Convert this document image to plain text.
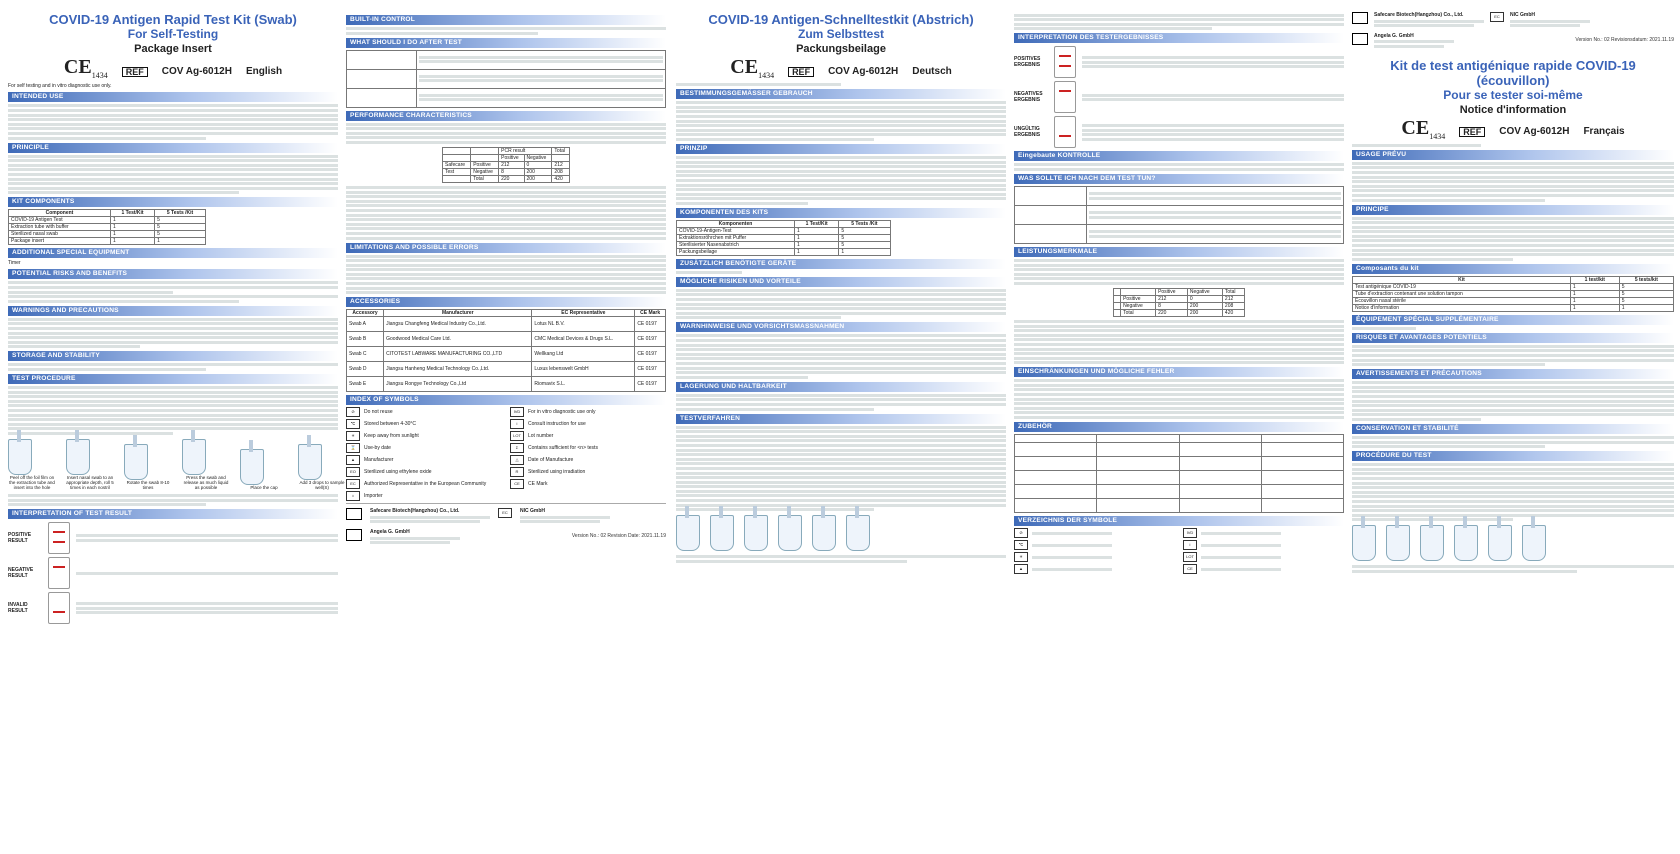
COVID-19 Antigen Rapid Test Kit (Swab)

For Self-Testing

Package Insert

$CE_{1434}$	REF	COV Ag-6012H English
For self testing and in vitro diagnostic use only.
INTENDED USE
PRINCIPLE
KIT COMPONENTS
Component	1 Test/Kit	5 Tests /Kit
COVID-19 Antigen Test	1	5
Extraction tube with buffer	1	5
Sterilized nasal swab	1	5
Package insert	1	1
ADDITIONAL SPECIAL EQUIPMENT
Timer
POTENTIAL RISKS AND BENEFITS
WARNINGS AND PRECAUTIONS
STORAGE AND STABILITY
TEST PROCEDURE
Peel off the foil film on the extraction tube and insert into the hole
Insert nasal swab to an appropriate depth, roll 5 times in each nostril
Rotate the swab 8-10 times
Press the swab and release as much liquid as possible	Place the cap
Add 3 drops to sample well(S)
INTERPRETATION OF TEST RESULT
POSITIVE RESULT
NEGATIVE RESULT
INVALID RESULT
BUILT-IN CONTROL
WHAT SHOULD I DO AFTER TEST

PERFORMANCE CHARACTERISTICS
		PCR result		Total
		Positive	Negative	
Safecare	Positive	212	0	212
Test	Negative	8	200	208
	Total	220	200	420
LIMITATIONS AND POSSIBLE ERRORS
ACCESSORIES
Accessory	Manufacturer	EC Representative	CE Mark
Swab A	Jiangsu Changfeng Medical Industry Co.,Ltd.	Lotus NL B.V.	CE 0197
Swab B	Goodwood Medical Care Ltd.	CMC Medical Devices & Drugs S.L.	CE 0197
Swab C	CITOTEST LABWARE MANUFACTURING CO.,LTD	Wellkang Ltd	CE 0197
Swab D	Jiangsu Hanheng Medical Technology Co.,Ltd.	Luxus lebenswelt GmbH	CE 0197
Swab E	Jiangsu Rongye Technology Co.,Ltd	Riomavix S.L.	CE 0197
INDEX OF SYMBOLS
⊘	Do not reuse	IVD	For in vitro diagnostic use only
℃	Stored between 4-30°C	i	Consult instruction for use
☀	Keep away from sunlight	LOT	Lot number
⌛	Use-by date	Σ	Contains sufficient for <n> tests
▲	Manufacturer	△	Date of Manufacture
EO	Sterilized using ethylene oxide	R	Sterilized using irradiation
EC	Authorized Representative in the European Community	CE	CE Mark
⌂	Importer
Safecare Biotech(Hangzhou) Co., Ltd.	EC	NIC GmbH
Angela G. GmbH
Version No.: 02 Revision Date: 2021.11.19

COVID-19 Antigen-Schnelltestkit (Abstrich)

Zum Selbsttest

Packungsbeilage

$CE_{1434}$	REF	COV Ag-6012H Deutsch
BESTIMMUNGSGEMÄSSER GEBRAUCH
PRINZIP
KOMPONENTEN DES KITS
Komponenten	1 Test/Kit	5 Tests /Kit
COVID-19-Antigen-Test	1	5
Extraktionsröhrchen mit Puffer	1	5
Sterilisierter Nasenabstrich	1	5
Packungsbeilage	1	1
ZUSÄTZLICH BENÖTIGTE GERÄTE
MÖGLICHE RISIKEN UND VORTEILE
WARNHINWEISE UND VORSICHTSMASSNAHMEN
LAGERUNG UND HALTBARKEIT
TESTVERFAHREN
INTERPRETATION DES TESTERGEBNISSES
POSITIVES ERGEBNIS
NEGATIVES ERGEBNIS
UNGÜLTIG ERGEBNIS
Eingebaute KONTROLLE
WAS SOLLTE ICH NACH DEM TEST TUN?

LEISTUNGSMERKMALE
		Positive	Negative	Total
	Positive	212	0	212
	Negative	8	200	208
	Total	220	200	420
EINSCHRÄNKUNGEN UND MÖGLICHE FEHLER
ZUBEHÖR

VERZEICHNIS DER SYMBOLE
⊘	IVD
℃	i
☀	LOT
▲	CE
Safecare Biotech(Hangzhou) Co., Ltd.	EC	NIC GmbH
Angela G. GmbH
Version No.: 02 Revisionsdatum: 2021.11.19

Kit de test antigénique rapide COVID-19 (écouvillon)

Pour se tester soi-même

Notice d'information

$CE_{1434}$	REF	COV Ag-6012H Français
USAGE PRÉVU
PRINCIPE
Composants du kit
Kit	1 test/kit	5 tests/kit
Test antigénique COVID-19	1	5
Tube d'extraction contenant une solution tampon	1	5
Écouvillon nasal stérile	1	5
Notice d'information	1	1
ÉQUIPEMENT SPÉCIAL SUPPLÉMENTAIRE
RISQUES ET AVANTAGES POTENTIELS
AVERTISSEMENTS ET PRÉCAUTIONS
CONSERVATION ET STABILITÉ
PROCÉDURE DU TEST
